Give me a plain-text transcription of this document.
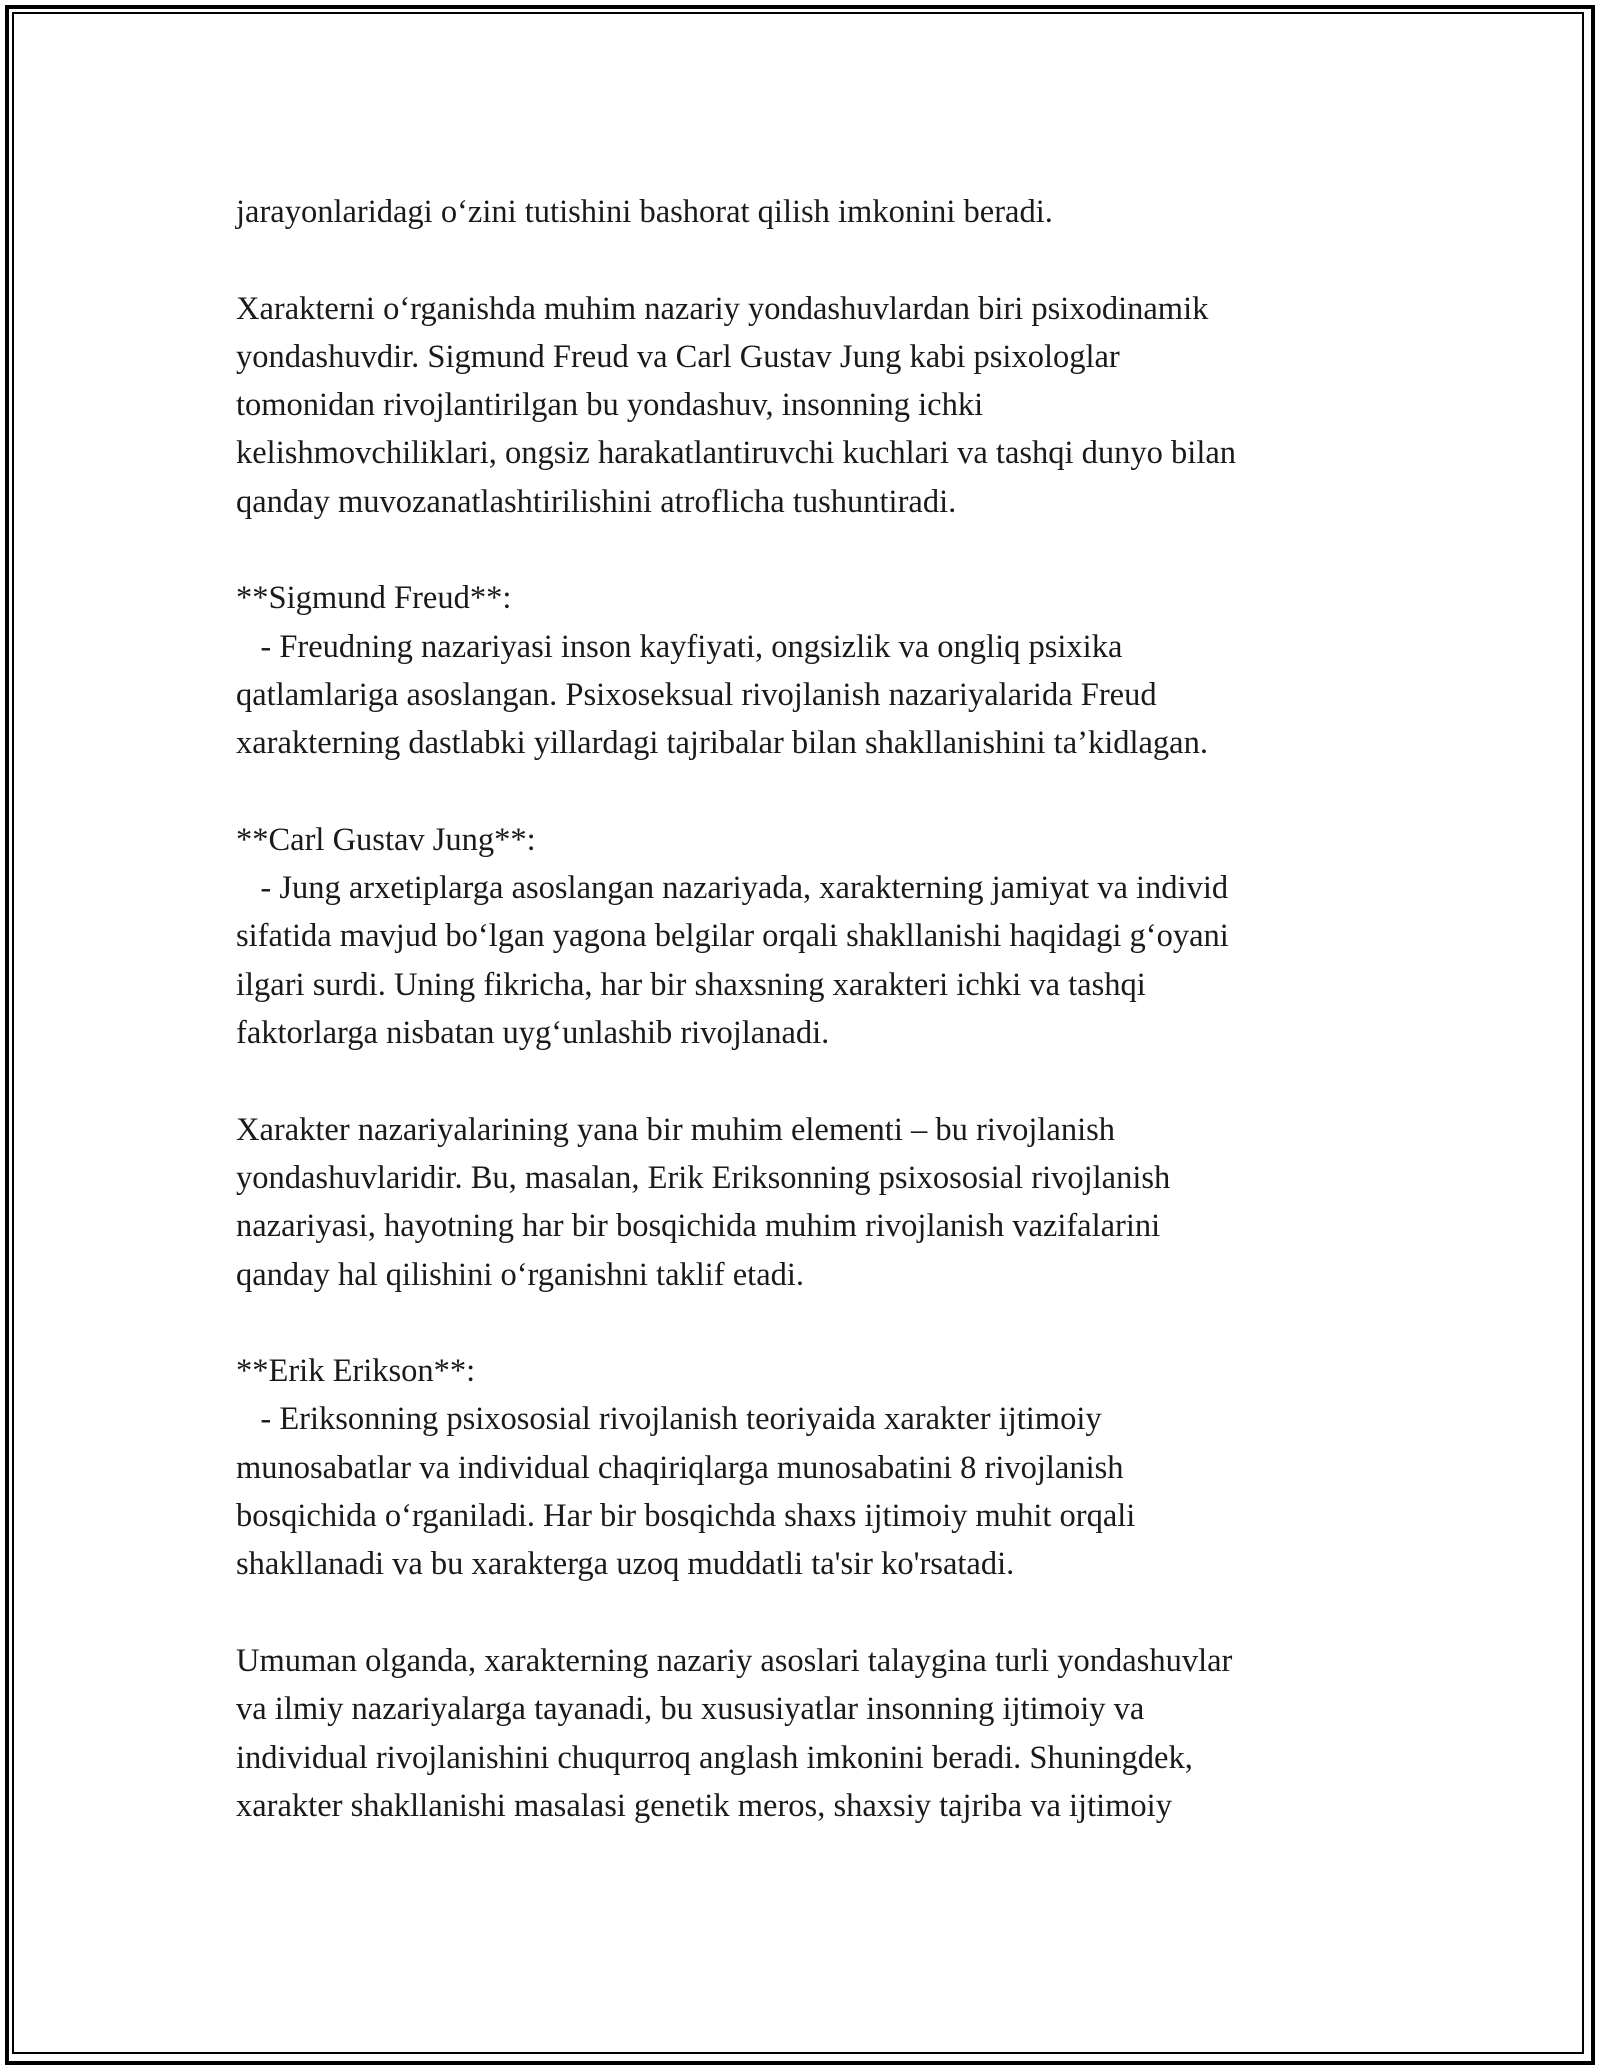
jarayonlaridagi o‘zini tutishini bashorat qilish imkonini beradi.
Xarakterni o‘rganishda muhim nazariy yondashuvlardan biri psixodinamik
yondashuvdir. Sigmund Freud va Carl Gustav Jung kabi psixologlar
tomonidan rivojlantirilgan bu yondashuv, insonning ichki
kelishmovchiliklari, ongsiz harakatlantiruvchi kuchlari va tashqi dunyo bilan
qanday muvozanatlashtirilishini atroflicha tushuntiradi.
**Sigmund Freud**:
- Freudning nazariyasi inson kayfiyati, ongsizlik va ongliq psixika
qatlamlariga asoslangan. Psixoseksual rivojlanish nazariyalarida Freud
xarakterning dastlabki yillardagi tajribalar bilan shakllanishini ta’kidlagan.
**Carl Gustav Jung**:
- Jung arxetiplarga asoslangan nazariyada, xarakterning jamiyat va individ
sifatida mavjud bo‘lgan yagona belgilar orqali shakllanishi haqidagi g‘oyani
ilgari surdi. Uning fikricha, har bir shaxsning xarakteri ichki va tashqi
faktorlarga nisbatan uyg‘unlashib rivojlanadi.
Xarakter nazariyalarining yana bir muhim elementi – bu rivojlanish
yondashuvlaridir. Bu, masalan, Erik Eriksonning psixososial rivojlanish
nazariyasi, hayotning har bir bosqichida muhim rivojlanish vazifalarini
qanday hal qilishini o‘rganishni taklif etadi.
**Erik Erikson**:
- Eriksonning psixososial rivojlanish teoriyaida xarakter ijtimoiy
munosabatlar va individual chaqiriqlarga munosabatini 8 rivojlanish
bosqichida o‘rganiladi. Har bir bosqichda shaxs ijtimoiy muhit orqali
shakllanadi va bu xarakterga uzoq muddatli ta'sir ko'rsatadi.
Umuman olganda, xarakterning nazariy asoslari talaygina turli yondashuvlar
va ilmiy nazariyalarga tayanadi, bu xususiyatlar insonning ijtimoiy va
individual rivojlanishini chuqurroq anglash imkonini beradi. Shuningdek,
xarakter shakllanishi masalasi genetik meros, shaxsiy tajriba va ijtimoiy
